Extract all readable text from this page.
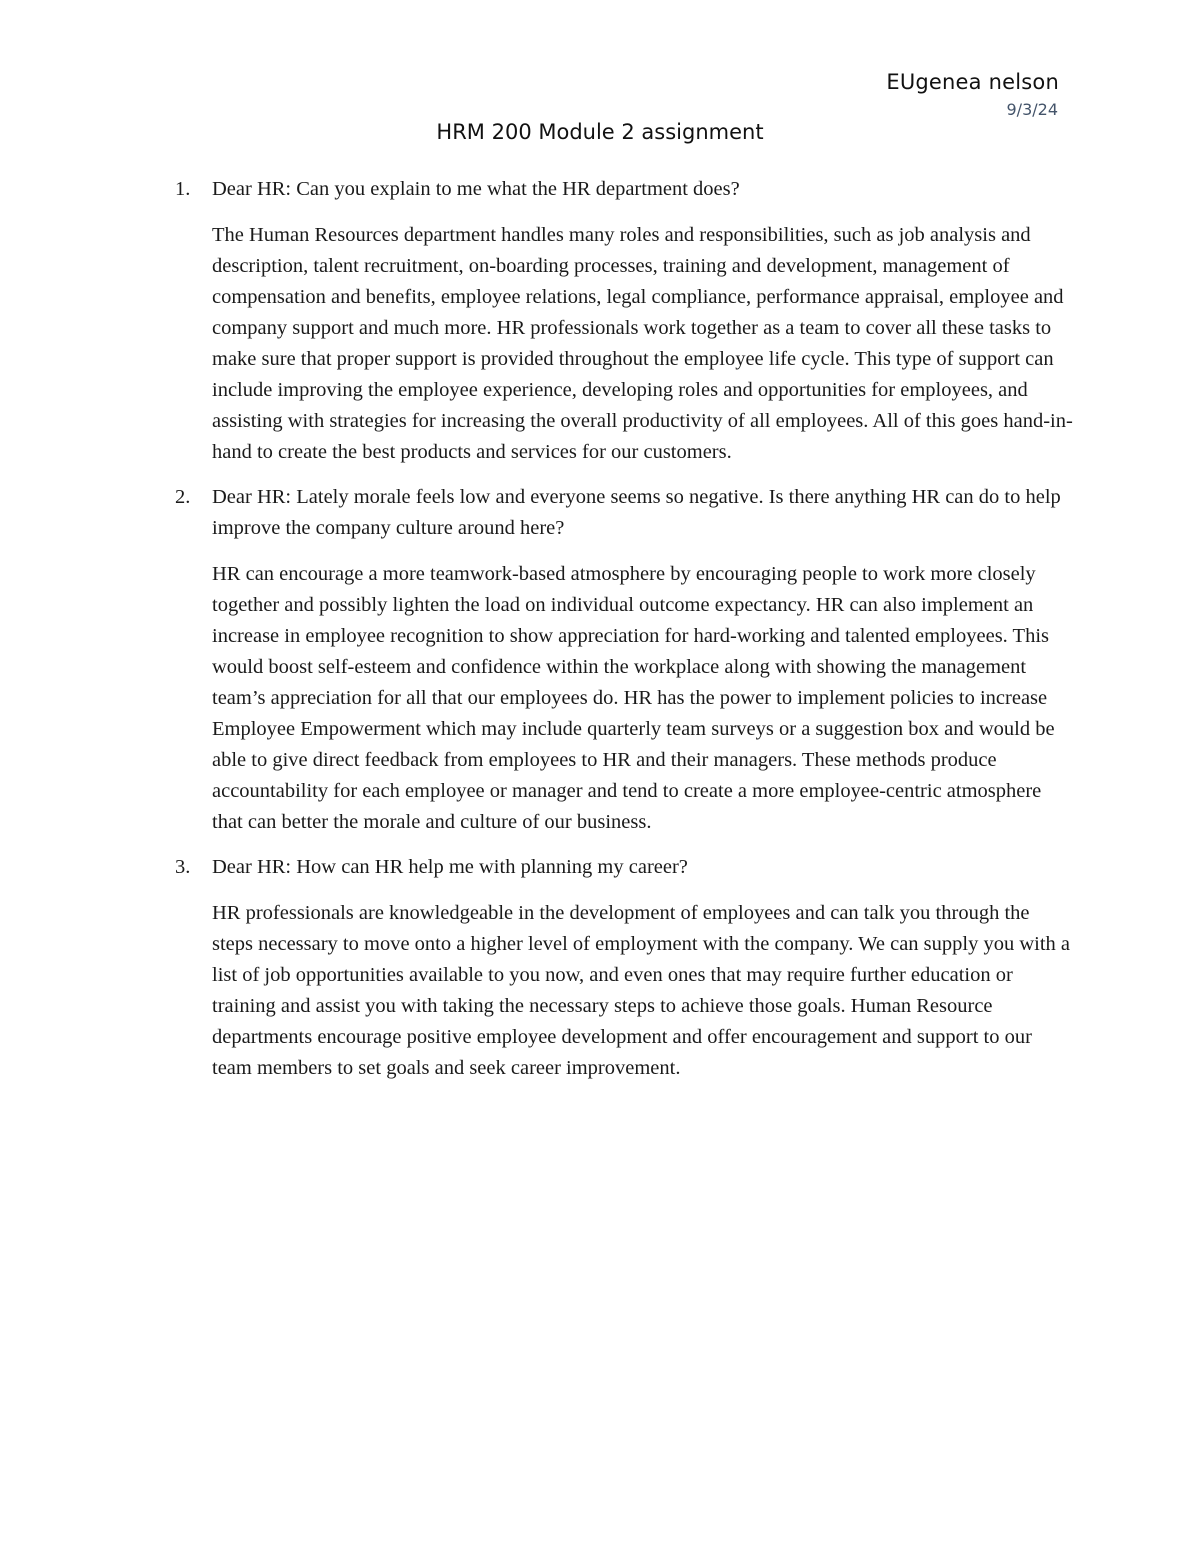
EUgenea nelson
9/3/24
HRM 200 Module 2 assignment
1.	Dear HR: Can you explain to me what the HR department does?
The Human Resources department handles many roles and responsibilities, such as job analysis and description, talent recruitment, on-boarding processes, training and development, management of compensation and benefits, employee relations, legal compliance, performance appraisal, employee and company support and much more. HR professionals work together as a team to cover all these tasks to make sure that proper support is provided throughout the employee life cycle. This type of support can include improving the employee experience, developing roles and opportunities for employees, and assisting with strategies for increasing the overall productivity of all employees. All of this goes hand-in-hand to create the best products and services for our customers.
2.	Dear HR: Lately morale feels low and everyone seems so negative. Is there anything HR can do to help improve the company culture around here?
HR can encourage a more teamwork-based atmosphere by encouraging people to work more closely together and possibly lighten the load on individual outcome expectancy. HR can also implement an increase in employee recognition to show appreciation for hard-working and talented employees. This would boost self-esteem and confidence within the workplace along with showing the management team’s appreciation for all that our employees do. HR has the power to implement policies to increase Employee Empowerment which may include quarterly team surveys or a suggestion box and would be able to give direct feedback from employees to HR and their managers. These methods produce accountability for each employee or manager and tend to create a more employee-centric atmosphere that can better the morale and culture of our business.
3.	Dear HR: How can HR help me with planning my career?
HR professionals are knowledgeable in the development of employees and can talk you through the steps necessary to move onto a higher level of employment with the company. We can supply you with a list of job opportunities available to you now, and even ones that may require further education or training and assist you with taking the necessary steps to achieve those goals. Human Resource departments encourage positive employee development and offer encouragement and support to our team members to set goals and seek career improvement.
